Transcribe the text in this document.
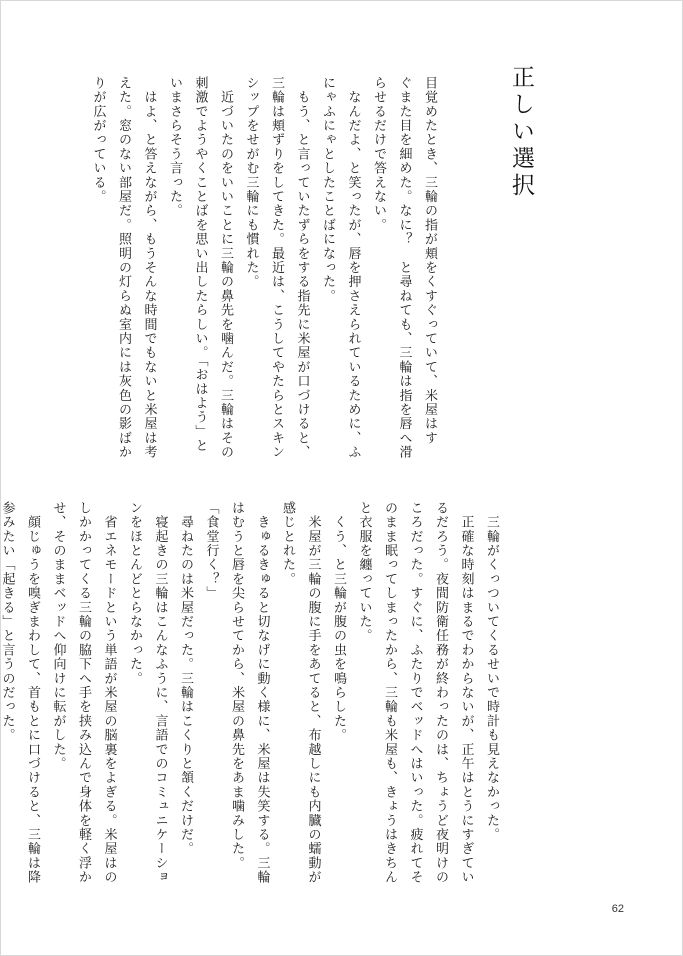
正しい選択

目覚めたとき、三輪の指が頬をくすぐっていて、米屋はす

ぐまた目を細めた。なに？　と尋ねても、三輪は指を唇へ滑

らせるだけで答えない。

　なんだよ、と笑ったが、唇を押さえられているために、ふ

にゃふにゃとしたことばになった。

　もう、と言っていたずらをする指先に米屋が口づけると、

三輪は頬ずりをしてきた。最近は、こうしてやたらとスキン

シップをせがむ三輪にも慣れた。

　近づいたのをいいことに三輪の鼻先を噛んだ。三輪はその

刺激でようやくことばを思い出したらしい。「おはよう」と

いまさらそう言った。

　はよ、と答えながら、もうそんな時間でもないと米屋は考

えた。窓のない部屋だ。照明の灯らぬ室内には灰色の影ばか

りが広がっている。

　三輪がくっついてくるせいで時計も見えなかった。

　正確な時刻はまるでわからないが、正午はとうにすぎてい

るだろう。夜間防衛任務が終わったのは、ちょうど夜明けの

ころだった。すぐに、ふたりでベッドへはいった。疲れてそ

のまま眠ってしまったから、三輪も米屋も、きょうはきちん

と衣服を纏っていた。

　くう、と三輪が腹の虫を鳴らした。

　米屋が三輪の腹に手をあてると、布越しにも内臓の蠕動が

感じとれた。

　きゅるきゅると切なげに動く様に、米屋は失笑する。三輪

はむうと唇を尖らせてから、米屋の鼻先をあま噛みした。

「食堂行く？」

　尋ねたのは米屋だった。三輪はこくりと頷くだけだ。

　寝起きの三輪はこんなふうに、言語でのコミュニケーショ

ンをほとんどとらなかった。

　省エネモードという単語が米屋の脳裏をよぎる。米屋はの

しかかってくる三輪の脇下へ手を挟み込んで身体を軽く浮か

せ、そのままベッドへ仰向けに転がした。

　顔じゅうを嗅ぎまわして、首もとに口づけると、三輪は降

参みたい「起きる」と言うのだった。

62
